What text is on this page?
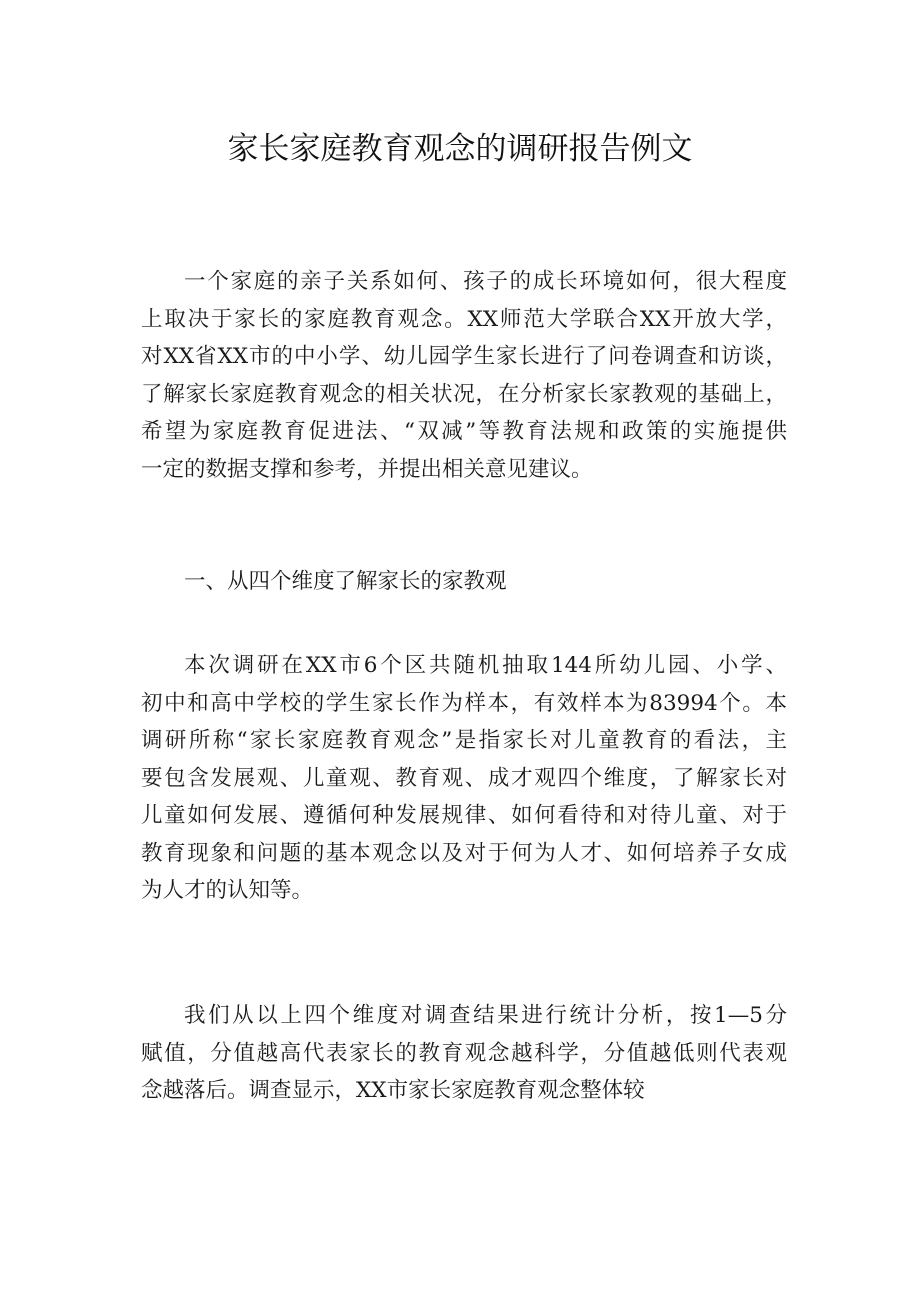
家长家庭教育观念的调研报告例文
一个家庭的亲子关系如何、孩子的成长环境如何，很大程度
上取决于家长的家庭教育观念。XX师范大学联合XX开放大学，
对XX省XX市的中小学、幼儿园学生家长进行了问卷调查和访谈，
了解家长家庭教育观念的相关状况，在分析家长家教观的基础上，
希望为家庭教育促进法、“双减”等教育法规和政策的实施提供
一定的数据支撑和参考，并提出相关意见建议。
一、从四个维度了解家长的家教观
本次调研在XX市6个区共随机抽取144所幼儿园、小学、
初中和高中学校的学生家长作为样本，有效样本为83994个。本
调研所称“家长家庭教育观念”是指家长对儿童教育的看法，主
要包含发展观、儿童观、教育观、成才观四个维度，了解家长对
儿童如何发展、遵循何种发展规律、如何看待和对待儿童、对于
教育现象和问题的基本观念以及对于何为人才、如何培养子女成
为人才的认知等。
我们从以上四个维度对调查结果进行统计分析，按1—5分
赋值，分值越高代表家长的教育观念越科学，分值越低则代表观
念越落后。调查显示，XX市家长家庭教育观念整体较
